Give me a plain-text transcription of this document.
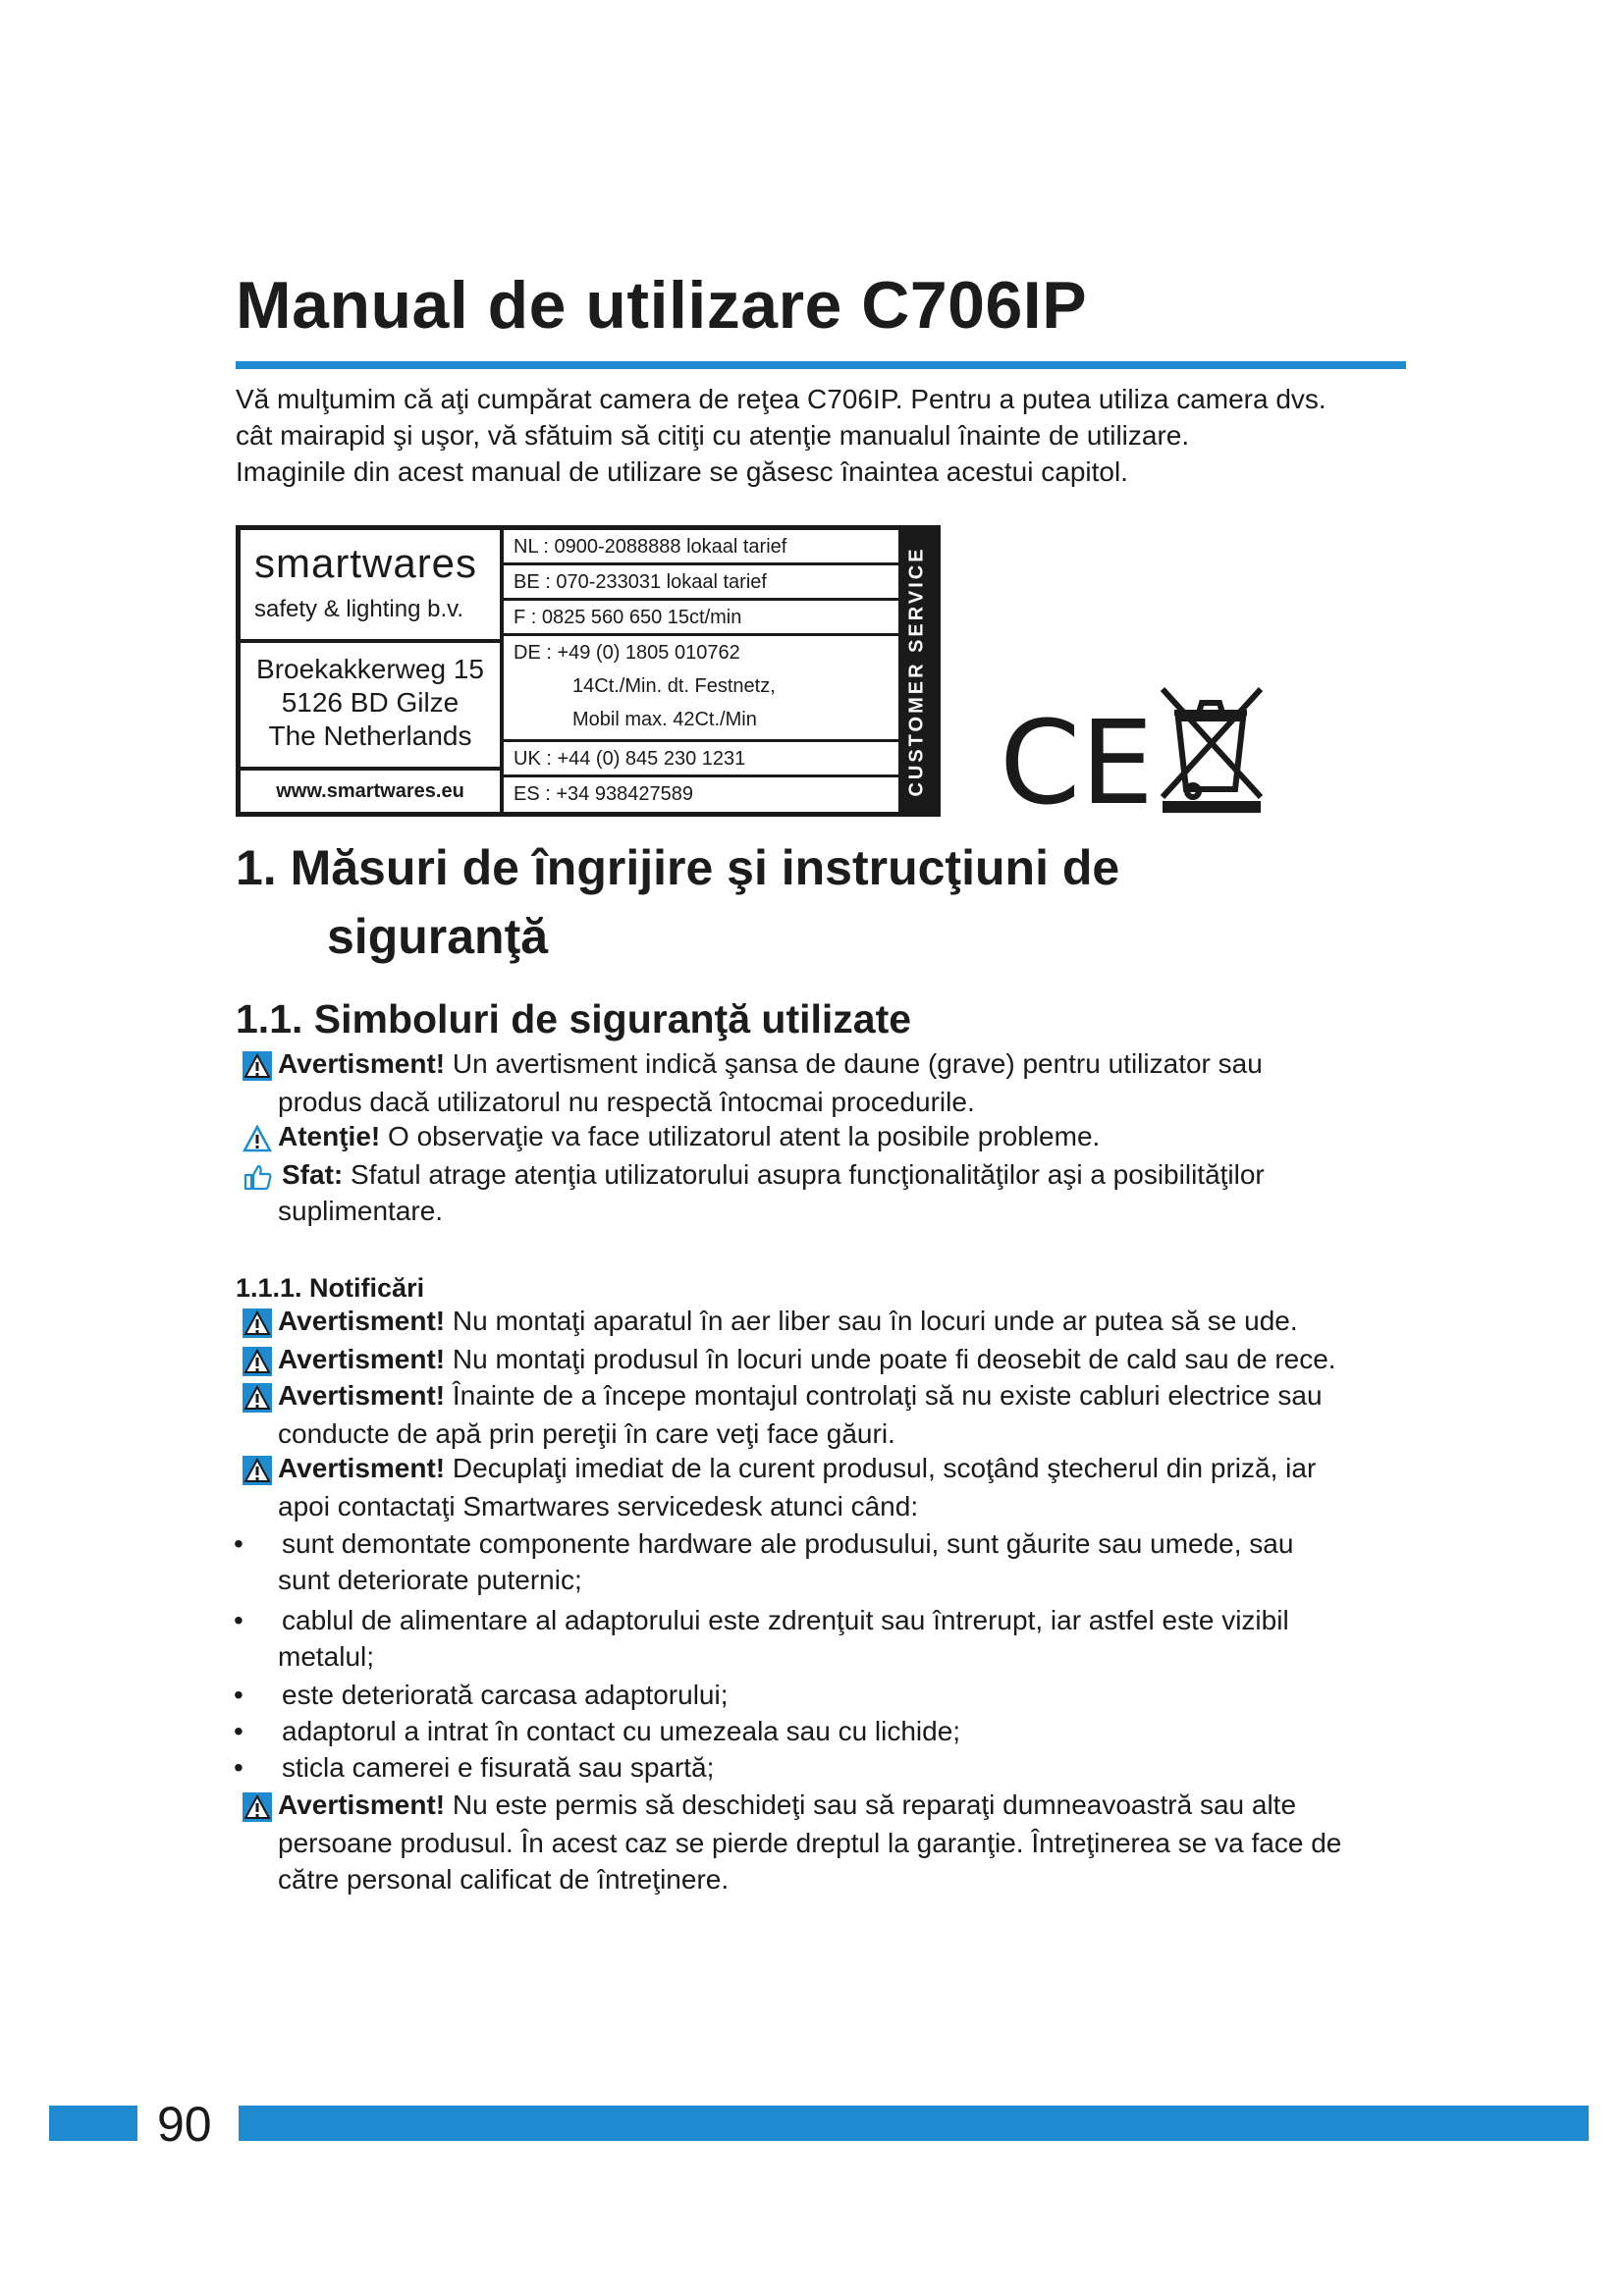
Manual de utilizare C706IP
Vă mulţumim că aţi cumpărat camera de reţea C706IP. Pentru a putea utiliza camera dvs.
cât mairapid şi uşor, vă sfătuim să citiţi cu atenţie manualul înainte de utilizare.
Imaginile din acest manual de utilizare se găsesc înaintea acestui capitol.
smartwares
safety & lighting b.v.
Broekakkerweg 15
5126 BD Gilze
The Netherlands
www.smartwares.eu
NL : 0900-2088888 lokaal tarief
BE : 070-233031 lokaal tarief
F : 0825 560 650 15ct/min
DE : +49 (0) 1805 010762
14Ct./Min. dt. Festnetz,
Mobil max. 42Ct./Min
UK : +44 (0) 845 230 1231
ES : +34 938427589	CUSTOMER SERVICE CE
1. Măsuri de îngrijire şi instrucţiuni de
siguranţă
1.1. Simboluri de siguranţă utilizate
Avertisment! Un avertisment indică şansa de daune (grave) pentru utilizator sau
produs dacă utilizatorul nu respectă întocmai procedurile.
Atenţie! O observaţie va face utilizatorul atent la posibile probleme.
Sfat: Sfatul atrage atenţia utilizatorului asupra funcţionalităţilor aşi a posibilităţilor
suplimentare.
1.1.1. Notificări
Avertisment! Nu montaţi aparatul în aer liber sau în locuri unde ar putea să se ude.
Avertisment! Nu montaţi produsul în locuri unde poate fi deosebit de cald sau de rece.
Avertisment! Înainte de a începe montajul controlaţi să nu existe cabluri electrice sau
conducte de apă prin pereţii în care veţi face găuri.
Avertisment! Decuplaţi imediat de la curent produsul, scoţând ştecherul din priză, iar
apoi contactaţi Smartwares servicedesk atunci când:
• sunt demontate componente hardware ale produsului, sunt găurite sau umede, sau
sunt deteriorate puternic;
• cablul de alimentare al adaptorului este zdrenţuit sau întrerupt, iar astfel este vizibil
metalul;
• este deteriorată carcasa adaptorului;
• adaptorul a intrat în contact cu umezeala sau cu lichide;
• sticla camerei e fisurată sau spartă;
Avertisment! Nu este permis să deschideţi sau să reparaţi dumneavoastră sau alte
persoane produsul. În acest caz se pierde dreptul la garanţie. Întreţinerea se va face de
către personal calificat de întreţinere.
90
